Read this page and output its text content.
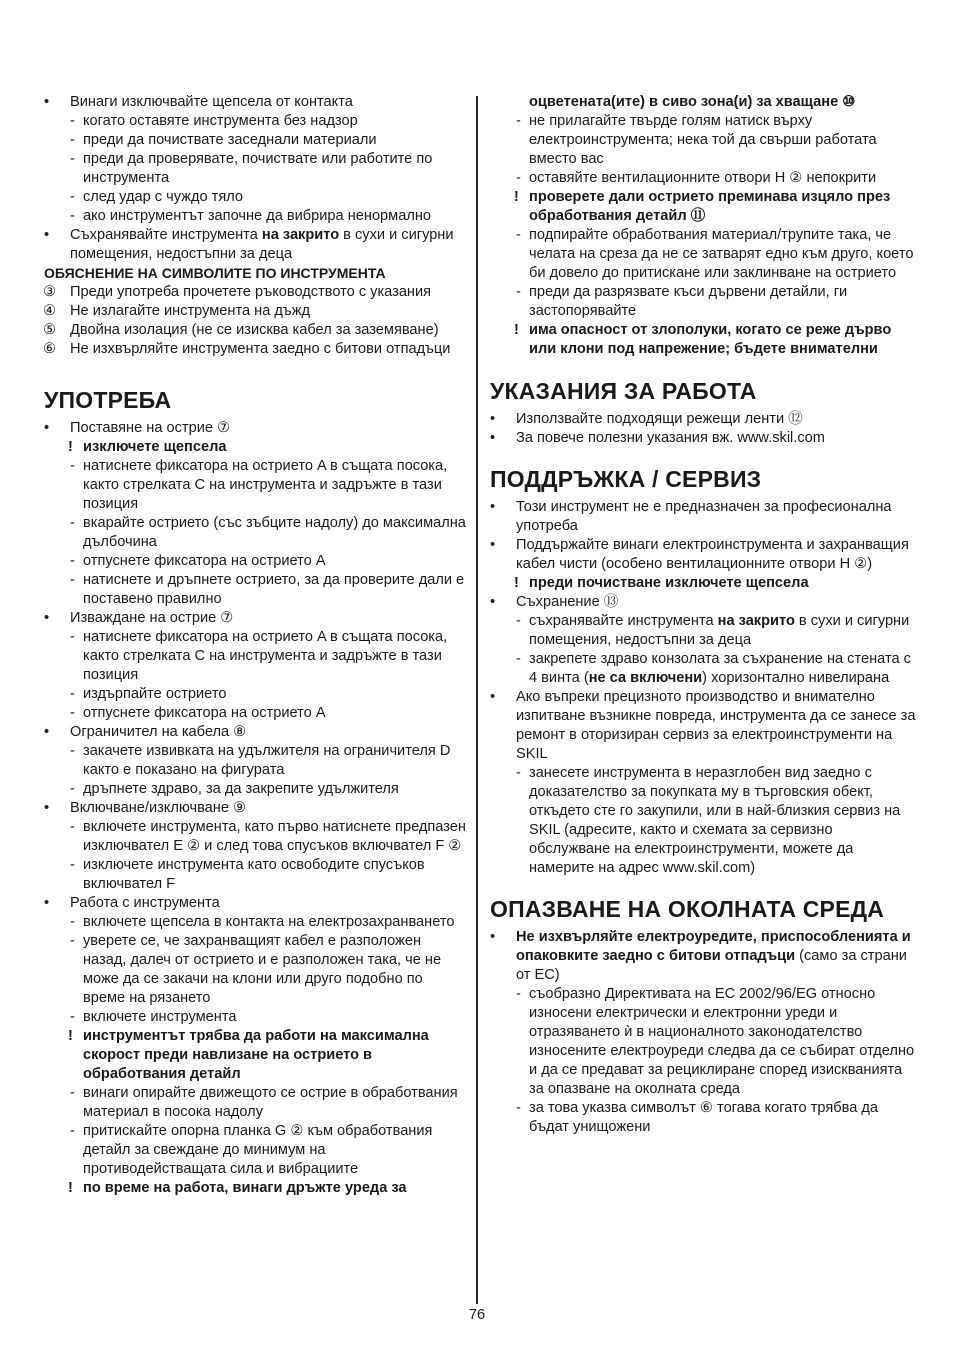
• Винаги изключвайте щепсела от контакта
- когато оставяте инструмента без надзор
- преди да почиствате заседнали материали
- преди да проверявате, почиствате или работите по инструмента
- след удар с чуждо тяло
- ако инструментът започне да вибрира ненормално
• Съхранявайте инструмента на закрито в сухи и сигурни помещения, недостъпни за деца
ОБЯСНЕНИЕ НА СИМВОЛИТЕ ПО ИНСТРУМЕНТА
③ Преди употреба прочетете ръководството с указания
④ Не излагайте инструмента на дъжд
⑤ Двойна изолация (не се изисква кабел за заземяване)
⑥ Не изхвърляйте инструмента заедно с битови отпадъци
УПОТРЕБА
• Поставяне на острие ⑦
! изключете щепсела
- натиснете фиксатора на острието A в същата посока, както стрелката C на инструмента и задръжте в тази позиция
- вкарайте острието (със зъбците надолу) до максимална дълбочина
- отпуснете фиксатора на острието A
- натиснете и дръпнете острието, за да проверите дали е поставено правилно
• Изваждане на острие ⑦
- натиснете фиксатора на острието A в същата посока, както стрелката C на инструмента и задръжте в тази позиция
- издърпайте острието
- отпуснете фиксатора на острието A
• Ограничител на кабела ⑧
- закачете извивката на удължителя на ограничителя D както е показано на фигурата
- дръпнете здраво, за да закрепите удължителя
• Включване/изключване ⑨
- включете инструмента, като първо натиснете предпазен изключвател E ② и след това спусъков включвател F ②
- изключете инструмента като освободите спусъков включвател F
• Работа с инструмента
- включете щепсела в контакта на електрозахранването
- уверете се, че захранващият кабел е разположен назад, далеч от острието и е разположен така, че не може да се закачи на клони или друго подобно по време на рязането
- включете инструмента
! инструментът трябва да работи на максимална скорост преди навлизане на острието в обработвания детайл
- винаги опирайте движещото се острие в обработвания материал в посока надолу
- притискайте опорна планка G ② към обработвания детайл за свеждане до минимум на противодействащата сила и вибрациите
! по време на работа, винаги дръжте уреда за
оцветената(ите) в сиво зона(и) за хващане ⑩
- не прилагайте твърде голям натиск върху електроинструмента; нека той да свърши работата вместо вас
- оставяйте вентилационните отвори H ② непокрити
! проверете дали острието преминава изцяло през обработвания детайл ⑪
- подпирайте обработвания материал/трупите така, че челата на среза да не се затварят едно към друго, което би довело до притискане или заклинване на острието
- преди да разрязвате къси дървени детайли, ги застопорявайте
! има опасност от злополуки, когато се реже дърво или клони под напрежение; бъдете внимателни
УКАЗАНИЯ ЗА РАБОТА
• Използвайте подходящи режещи ленти ⑫
• За повече полезни указания вж. www.skil.com
ПОДДРЪЖКА / СЕРВИЗ
• Този инструмент не е предназначен за професионална употреба
• Поддържайте винаги електроинструмента и захранващия кабел чисти (особено вентилационните отвори H ②)
! преди почистване изключете щепсела
• Съхранение ⑬
- съхранявайте инструмента на закрито в сухи и сигурни помещения, недостъпни за деца
- закрепете здраво конзолата за съхранение на стената с 4 винта (не са включени) хоризонтално нивелирана
• Ако въпреки прецизното производство и внимателно изпитване възникне повреда, инструмента да се занесе за ремонт в оторизиран сервиз за електроинструменти на SKIL
- занесете инструмента в неразглобен вид заедно с доказателство за покупката му в търговския обект, откъдето сте го закупили, или в най-близкия сервиз на SKIL (адресите, както и схемата за сервизно обслужване на електроинструменти, можете да намерите на адрес www.skil.com)
ОПАЗВАНЕ НА ОКОЛНАТА СРЕДА
• Не изхвърляйте електроуредите, приспособленията и опаковките заедно с битови отпадъци (само за страни от ЕС)
- съобразно Директивата на ЕС 2002/96/EG относно износени електрически и електронни уреди и отразяването ѝ в националното законодателство износените електроуреди следва да се събират отделно и да се предават за рециклиране според изискванията за опазване на околната среда
- за това указва символът ⑥ тогава когато трябва да бъдат унищожени
76
